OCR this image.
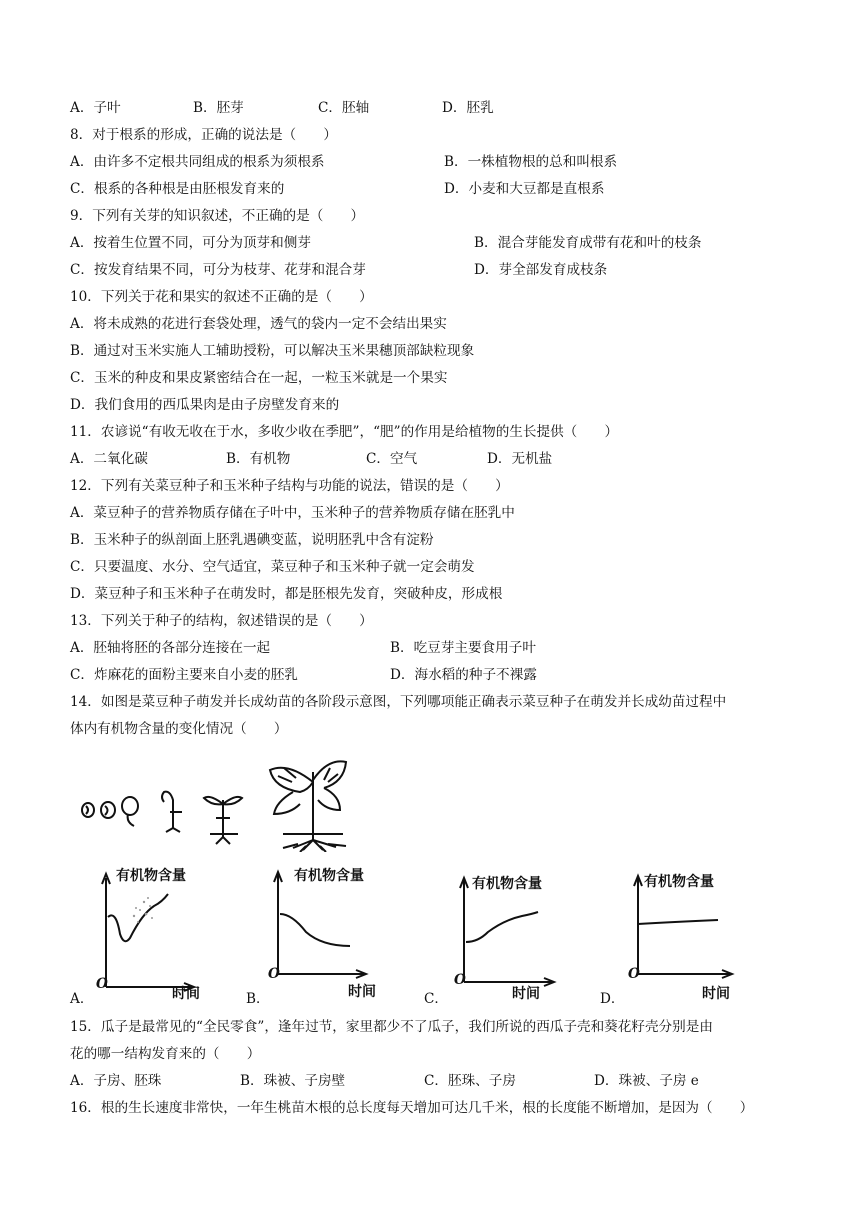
A．子叶	B．胚芽	C．胚轴	D．胚乳
8．对于根系的形成，正确的说法是（　　）
A．由许多不定根共同组成的根系为须根系	B．一株植物根的总和叫根系
C．根系的各种根是由胚根发育来的	D．小麦和大豆都是直根系
9．下列有关芽的知识叙述，不正确的是（　　）
A．按着生位置不同，可分为顶芽和侧芽	B．混合芽能发育成带有花和叶的枝条
C．按发育结果不同，可分为枝芽、花芽和混合芽	D．芽全部发育成枝条
10．下列关于花和果实的叙述不正确的是（　　）
A．将未成熟的花进行套袋处理，透气的袋内一定不会结出果实
B．通过对玉米实施人工辅助授粉，可以解决玉米果穗顶部缺粒现象
C．玉米的种皮和果皮紧密结合在一起，一粒玉米就是一个果实
D．我们食用的西瓜果肉是由子房壁发育来的
11．农谚说“有收无收在于水，多收少收在季肥”，“肥”的作用是给植物的生长提供（　　）
A．二氧化碳	B．有机物	C．空气	D．无机盐
12．下列有关菜豆种子和玉米种子结构与功能的说法，错误的是（　　）
A．菜豆种子的营养物质存储在子叶中，玉米种子的营养物质存储在胚乳中
B．玉米种子的纵剖面上胚乳遇碘变蓝，说明胚乳中含有淀粉
C．只要温度、水分、空气适宜，菜豆种子和玉米种子就一定会萌发
D．菜豆种子和玉米种子在萌发时，都是胚根先发育，突破种皮，形成根
13．下列关于种子的结构，叙述错误的是（　　）
A．胚轴将胚的各部分连接在一起	B．吃豆芽主要食用子叶
C．炸麻花的面粉主要来自小麦的胚乳	D．海水稻的种子不裸露
14．如图是菜豆种子萌发并长成幼苗的各阶段示意图，下列哪项能正确表示菜豆种子在萌发并长成幼苗过程中
体内有机物含量的变化情况（　　）
有机物含量	有机物含量	有机物含量	有机物含量
时间	时间	时间	时间
O
O	O	O
A．	B．	C．	D．
15．瓜子是最常见的“全民零食”，逢年过节，家里都少不了瓜子，我们所说的西瓜子壳和葵花籽壳分别是由
花的哪一结构发育来的（　　）
A．子房、胚珠	B．珠被、子房壁	C．胚珠、子房	D．珠被、子房 e
16．根的生长速度非常快，一年生桃苗木根的总长度每天增加可达几千米，根的长度能不断增加，是因为（　　）
